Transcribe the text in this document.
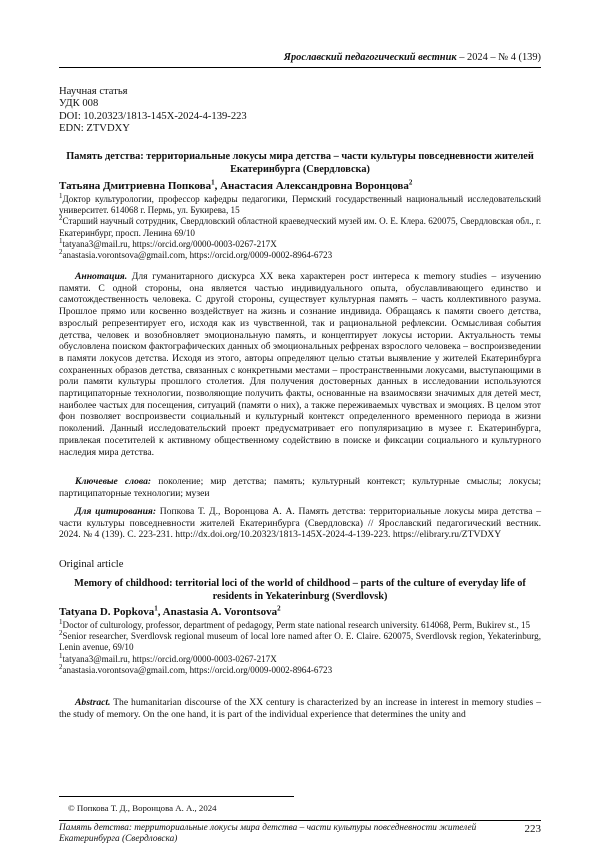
Ярославский педагогический вестник – 2024 – № 4 (139)
Научная статья
УДК 008
DOI: 10.20323/1813-145X-2024-4-139-223
EDN: ZTVDXY
Память детства: территориальные локусы мира детства – части культуры повседневности жителей Екатеринбурга (Свердловска)
Татьяна Дмитриевна Попкова$^1$, Анастасия Александровна Воронцова$^2$

$^1$Доктор культурологии, профессор кафедры педагогики, Пермский государственный национальный исследовательский университет. 614068 г. Пермь, ул. Букирева, 15

$^2$Старший научный сотрудник, Свердловский областной краеведческий музей им. О. Е. Клера. 620075, Свердловская обл., г. Екатеринбург, просп. Ленина 69/10

$^1$tatyana3@mail.ru, https://orcid.org/0000-0003-0267-217X

$^2$anastasia.vorontsova@gmail.com, https://orcid.org/0009-0002-8964-6723

Аннотация. Для гуманитарного дискурса XX века характерен рост интереса к memory studies – изучению памяти. С одной стороны, она является частью индивидуального опыта, обуславливающего единство и самотождественность человека. С другой стороны, существует культурная память – часть коллективного разума. Прошлое прямо или косвенно воздействует на жизнь и сознание индивида. Обращаясь к памяти своего детства, взрослый репрезентирует его, исходя как из чувственной, так и рациональной рефлексии. Осмысливая события детства, человек и возобновляет эмоциональную память, и концептирует локусы истории. Актуальность темы обусловлена поиском фактографических данных об эмоциональных рефренах взрослого человека – воспроизведении в памяти локусов детства. Исходя из этого, авторы определяют целью статьи выявление у жителей Екатеринбурга сохраненных образов детства, связанных с конкретными местами – пространственными локусами, выступающими в роли памяти культуры прошлого столетия. Для получения достоверных данных в исследовании используются партиципаторные технологии, позволяющие получить факты, основанные на взаимосвязи значимых для детей мест, наиболее частых для посещения, ситуаций (памяти о них), а также переживаемых чувствах и эмоциях. В целом этот фон позволяет воспроизвести социальный и культурный контекст определенного временного периода в жизни поколений. Данный исследовательский проект предусматривает его популяризацию в музее г. Екатеринбурга, привлекая посетителей к активному общественному содействию в поиске и фиксации социального и культурного наследия мира детства.
Ключевые слова: поколение; мир детства; память; культурный контекст; культурные смыслы; локусы; партиципаторные технологии; музеи
Для цитирования: Попкова Т. Д., Воронцова А. А. Память детства: территориальные локусы мира детства – части культуры повседневности жителей Екатеринбурга (Свердловска) // Ярославский педагогический вестник. 2024. № 4 (139). С. 223-231. http://dx.doi.org/10.20323/1813-145X-2024-4-139-223. https://elibrary.ru/ZTVDXY
Original article
Memory of childhood: territorial loci of the world of childhood – parts of the culture of everyday life of residents in Yekaterinburg (Sverdlovsk)
Tatyana D. Popkova$^1$, Anastasia A. Vorontsova$^2$

$^1$Doctor of culturology, professor, department of pedagogy, Perm state national research university. 614068, Perm, Bukirev st., 15

$^2$Senior researcher, Sverdlovsk regional museum of local lore named after O. E. Claire. 620075, Sverdlovsk region, Yekaterinburg, Lenin avenue, 69/10

$^1$tatyana3@mail.ru, https://orcid.org/0000-0003-0267-217X

$^2$anastasia.vorontsova@gmail.com, https://orcid.org/0009-0002-8964-6723

Abstract. The humanitarian discourse of the XX century is characterized by an increase in interest in memory studies – the study of memory. On the one hand, it is part of the individual experience that determines the unity and
© Попкова Т. Д., Воронцова А. А., 2024
Память детства: территориальные локусы мира детства – части культуры повседневности жителей Екатеринбурга (Свердловска)
223
